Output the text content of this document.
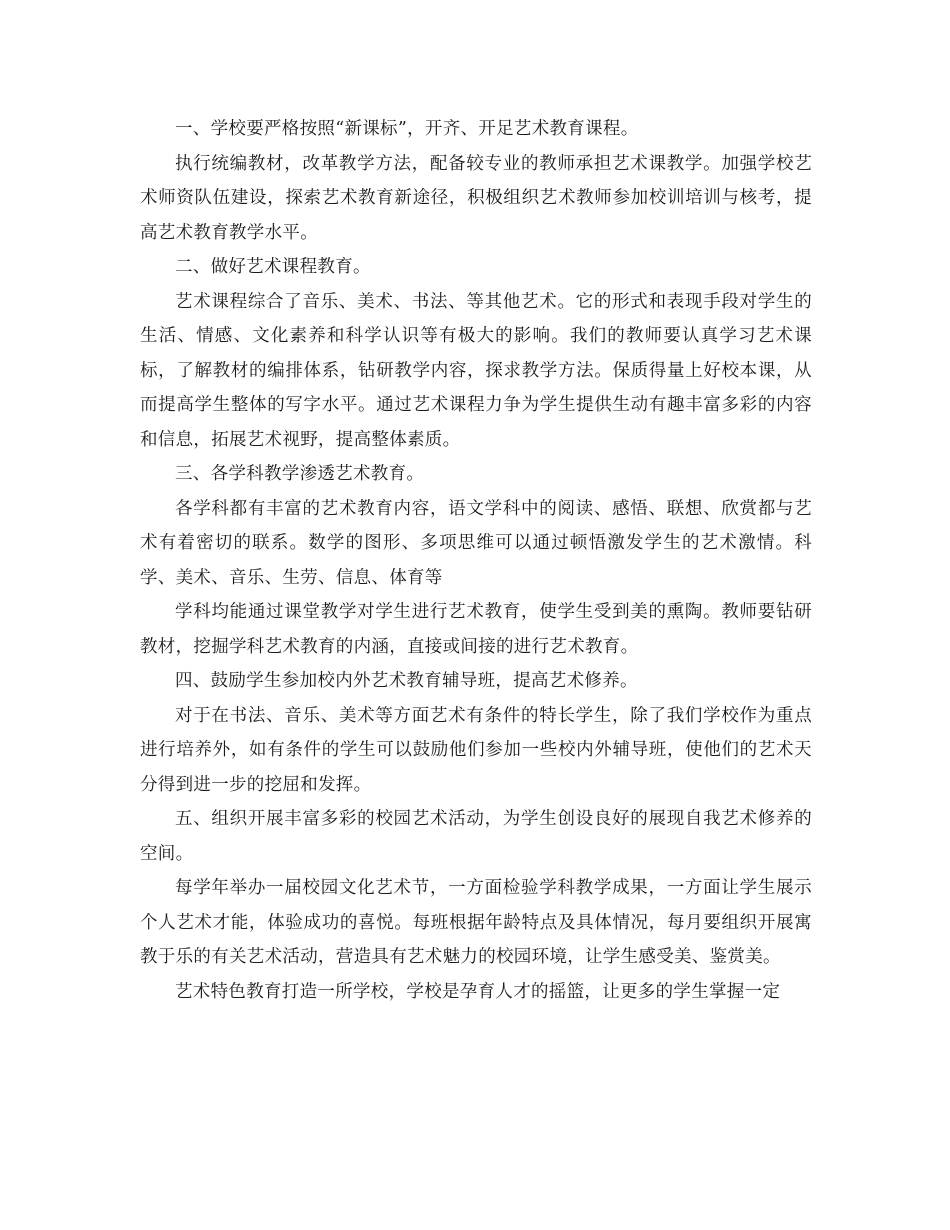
一、学校要严格按照“新课标”，开齐、开足艺术教育课程。

执行统编教材，改革教学方法，配备较专业的教师承担艺术课教学。加强学校艺术师资队伍建设，探索艺术教育新途径，积极组织艺术教师参加校训培训与核考，提高艺术教育教学水平。

二、做好艺术课程教育。

艺术课程综合了音乐、美术、书法、等其他艺术。它的形式和表现手段对学生的生活、情感、文化素养和科学认识等有极大的影响。我们的教师要认真学习艺术课标，了解教材的编排体系，钻研教学内容，探求教学方法。保质得量上好校本课，从而提高学生整体的写字水平。通过艺术课程力争为学生提供生动有趣丰富多彩的内容和信息，拓展艺术视野，提高整体素质。

三、各学科教学渗透艺术教育。

各学科都有丰富的艺术教育内容，语文学科中的阅读、感悟、联想、欣赏都与艺术有着密切的联系。数学的图形、多项思维可以通过顿悟激发学生的艺术激情。科学、美术、音乐、生劳、信息、体育等

学科均能通过课堂教学对学生进行艺术教育，使学生受到美的熏陶。教师要钻研教材，挖掘学科艺术教育的内涵，直接或间接的进行艺术教育。

四、鼓励学生参加校内外艺术教育辅导班，提高艺术修养。

对于在书法、音乐、美术等方面艺术有条件的特长学生，除了我们学校作为重点进行培养外，如有条件的学生可以鼓励他们参加一些校内外辅导班，使他们的艺术天分得到进一步的挖屈和发挥。

五、组织开展丰富多彩的校园艺术活动，为学生创设良好的展现自我艺术修养的空间。

每学年举办一届校园文化艺术节，一方面检验学科教学成果，一方面让学生展示个人艺术才能，体验成功的喜悦。每班根据年龄特点及具体情况，每月要组织开展寓教于乐的有关艺术活动，营造具有艺术魅力的校园环境，让学生感受美、鉴赏美。

艺术特色教育打造一所学校，学校是孕育人才的摇篮，让更多的学生掌握一定
